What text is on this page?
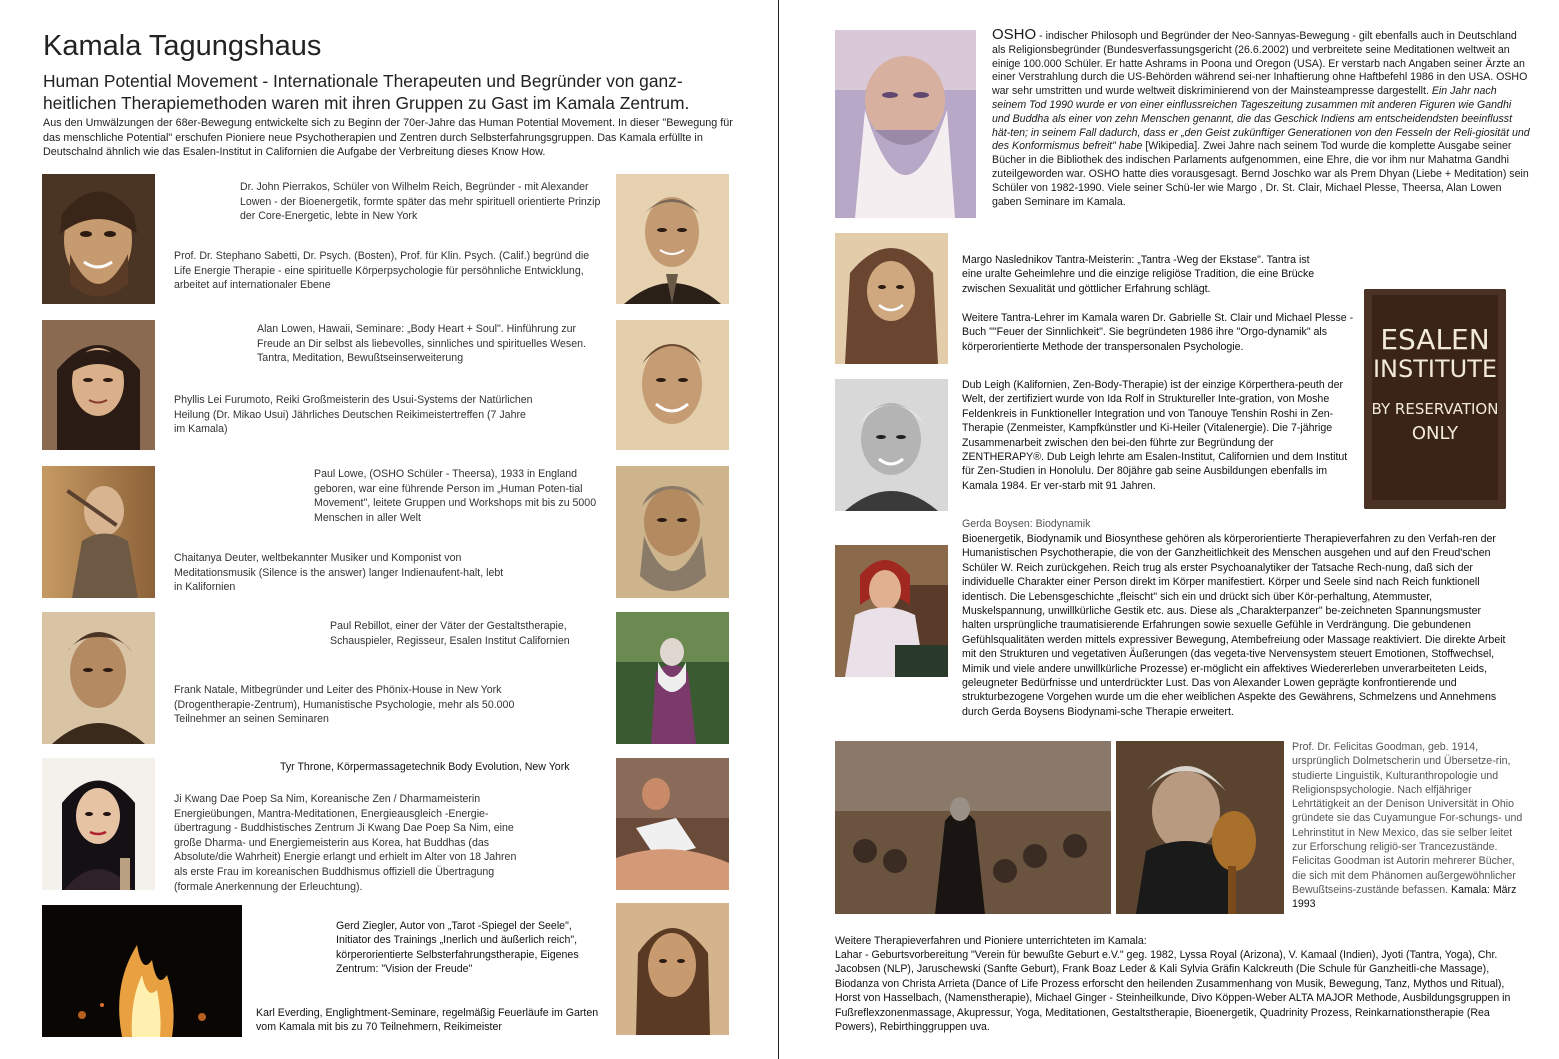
Kamala Tagungshaus
Human Potential Movement - Internationale Therapeuten und Begründer von ganz-heitlichen Therapiemethoden waren mit ihren Gruppen zu Gast im Kamala Zentrum.
Aus den Umwälzungen der 68er-Bewegung entwickelte sich zu Beginn der 70er-Jahre das Human Potential Movement. In dieser "Bewegung für das menschliche Potential" erschufen Pioniere neue Psychotherapien und Zentren durch Selbsterfahrungsgruppen. Das Kamala erfüllte in Deutschalnd ähnlich wie das Esalen-Institut in Californien die Aufgabe der Verbreitung dieses Know How.
Dr. John Pierrakos, Schüler von Wilhelm Reich, Begründer - mit Alexander Lowen - der Bioenergetik, formte später das mehr spirituell orientierte Prinzip der Core-Energetic, lebte in New York
Prof. Dr. Stephano Sabetti, Dr. Psych. (Bosten), Prof. für Klin. Psych. (Calif.) begründ die Life Energie Therapie - eine spirituelle Körperpsychologie für persöhnliche Entwicklung, arbeitet auf internationaler Ebene
Alan Lowen, Hawaii, Seminare: „Body Heart + Soul". Hinführung zur Freude an Dir selbst als liebevolles, sinnliches und spirituelles Wesen. Tantra, Meditation, Bewußtseinserweiterung
Phyllis Lei Furumoto, Reiki Großmeisterin des Usui-Systems der Natürlichen Heilung (Dr. Mikao Usui) Jährliches Deutschen Reikimeistertreffen (7 Jahre im Kamala)
Paul Lowe, (OSHO Schüler - Theersa), 1933 in England geboren, war eine führende Person im „Human Poten-tial Movement", leitete Gruppen und Workshops mit bis zu 5000 Menschen in aller Welt
Chaitanya Deuter, weltbekannter Musiker und Komponist von Meditationsmusik (Silence is the answer) langer Indienaufent-halt, lebt in Kalifornien
Paul Rebillot, einer der Väter der Gestaltstherapie, Schauspieler, Regisseur, Esalen Institut Californien
Frank Natale, Mitbegründer und Leiter des Phönix-House in New York (Drogentherapie-Zentrum), Humanistische Psychologie, mehr als 50.000 Teilnehmer an seinen Seminaren
Tyr Throne, Körpermassagetechnik Body Evolution, New York
Ji Kwang Dae Poep Sa Nim, Koreanische Zen / Dharmameisterin Energieübungen, Mantra-Meditationen, Energieausgleich -Energie-übertragung - Buddhistisches Zentrum Ji Kwang Dae Poep Sa Nim, eine große Dharma- und Energiemeisterin aus Korea, hat Buddhas (das Absolute/die Wahrheit) Energie erlangt und erhielt im Alter von 18 Jahren als erste Frau im koreanischen Buddhismus offiziell die Übertragung (formale Anerkennung der Erleuchtung).
Gerd Ziegler, Autor von „Tarot -Spiegel der Seele", Initiator des Trainings „Inerlich und äußerlich reich", körperorientierte Selbsterfahrungstherapie, Eigenes Zentrum: "Vision der Freude"
Karl Everding, Englightment-Seminare, regelmäßig Feuerläufe im Garten vom Kamala mit bis zu 70 Teilnehmern, Reikimeister

OSHO - indischer Philosoph und Begründer der Neo-Sannyas-Bewegung - gilt ebenfalls auch in Deutschland als Religionsbegründer (Bundesverfassungsgericht (26.6.2002) und verbreitete seine Meditationen weltweit an einige 100.000 Schüler. Er hatte Ashrams in Poona und Oregon (USA). Er verstarb nach Angaben seiner Ärzte an einer Verstrahlung durch die US-Behörden während sei-ner Inhaftierung ohne Haftbefehl 1986 in den USA. OSHO war sehr umstritten und wurde weltweit diskriminierend von der Mainsteampresse dargestellt. Ein Jahr nach seinem Tod 1990 wurde er von einer einflussreichen Tageszeitung zusammen mit anderen Figuren wie Gandhi und Buddha als einer von zehn Menschen genannt, die das Geschick Indiens am entscheidendsten beeinflusst hät-ten; in seinem Fall dadurch, dass er „den Geist zukünftiger Generationen von den Fesseln der Reli-giosität und des Konformismus befreit" habe [Wikipedia]. Zwei Jahre nach seinem Tod wurde die komplette Ausgabe seiner Bücher in die Bibliothek des indischen Parlaments aufgenommen, eine Ehre, die vor ihm nur Mahatma Gandhi zuteilgeworden war. OSHO hatte dies vorausgesagt. Bernd Joschko war als Prem Dhyan (Liebe + Meditation) sein Schüler von 1982-1990. Viele seiner Schü-ler wie Margo , Dr. St. Clair, Michael Plesse, Theersa, Alan Lowen gaben Seminare im Kamala.

Margo Naslednikov Tantra-Meisterin: „Tantra -Weg der Ekstase". Tantra ist eine uralte Geheimlehre und die einzige religiöse Tradition, die eine Brücke zwischen Sexualität und göttlicher Erfahrung schlägt.
Weitere Tantra-Lehrer im Kamala waren Dr. Gabrielle St. Clair und Michael Plesse - Buch ""Feuer der Sinnlichkeit". Sie begründeten 1986 ihre "Orgo-dynamik" als körperorientierte Methode der transpersonalen Psychologie.	ESALEN
INSTITUTE
BY RESERVATION
ONLY
Dub Leigh (Kalifornien, Zen-Body-Therapie) ist der einzige Körperthera-peuth der Welt, der zertifiziert wurde von Ida Rolf in Struktureller Inte-gration, von Moshe Feldenkreis in Funktioneller Integration und von Tanouye Tenshin Roshi in Zen-Therapie (Zenmeister, Kampfkünstler und Ki-Heiler (Vitalenergie). Die 7-jährige Zusammenarbeit zwischen den bei-den führte zur Begründung der ZENTHERAPY®. Dub Leigh lehrte am Esalen-Institut, Californien und dem Institut für Zen-Studien in Honolulu. Der 80jähre gab seine Ausbildungen ebenfalls im Kamala 1984. Er ver-starb mit 91 Jahren.
Gerda Boysen: Biodynamik
Bioenergetik, Biodynamik und Biosynthese gehören als körperorientierte Therapieverfahren zu den Verfah-ren der Humanistischen Psychotherapie, die von der Ganzheitlichkeit des Menschen ausgehen und auf den Freud'schen Schüler W. Reich zurückgehen. Reich trug als erster Psychoanalytiker der Tatsache Rech-nung, daß sich der individuelle Charakter einer Person direkt im Körper manifestiert. Körper und Seele sind nach Reich funktionell identisch. Die Lebensgeschichte „fleischt" sich ein und drückt sich über Kör-perhaltung, Atemmuster, Muskelspannung, unwillkürliche Gestik etc. aus. Diese als „Charakterpanzer" be-zeichneten Spannungsmuster halten ursprüngliche traumatisierende Erfahrungen sowie sexuelle Gefühle in Verdrängung. Die gebundenen Gefühlsqualitäten werden mittels expressiver Bewegung, Atembefreiung oder Massage reaktiviert. Die direkte Arbeit mit den Strukturen und vegetativen Äußerungen (das vegeta-tive Nervensystem steuert Emotionen, Stoffwechsel, Mimik und viele andere unwillkürliche Prozesse) er-möglicht ein affektives Wiedererleben unverarbeiteten Leids, geleugneter Bedürfnisse und unterdrückter Lust. Das von Alexander Lowen geprägte konfrontierende und strukturbezogene Vorgehen wurde um die eher weiblichen Aspekte des Gewährens, Schmelzens und Annehmens durch Gerda Boysens Biodynami-sche Therapie erweitert.
Prof. Dr. Felicitas Goodman, geb. 1914, ursprünglich Dolmetscherin und Übersetze-rin, studierte Linguistik, Kulturanthropologie und Religionspsychologie. Nach elfjähriger Lehrtätigkeit an der Denison Universität in Ohio gründete sie das Cuyamungue For-schungs- und Lehrinstitut in New Mexico, das sie selber leitet zur Erforschung religiö-ser Trancezustände. Felicitas Goodman ist Autorin mehrerer Bücher, die sich mit dem Phänomen außergewöhnlicher Bewußtseins-zustände befassen. Kamala: März 1993
Weitere Therapieverfahren und Pioniere unterrichteten im Kamala:
Lahar - Geburtsvorbereitung "Verein für bewußte Geburt e.V." geg. 1982, Lyssa Royal (Arizona), V. Kamaal (Indien), Jyoti (Tantra, Yoga), Chr. Jacobsen (NLP), Jaruschewski (Sanfte Geburt), Frank Boaz Leder & Kali Sylvia Gräfin Kalckreuth (Die Schule für Ganzheitli-che Massage), Biodanza von Christa Arrieta (Dance of Life Prozess erforscht den heilenden Zusammenhang von Musik, Bewegung, Tanz, Mythos und Ritual), Horst von Hasselbach, (Namenstherapie), Michael Ginger - Steinheilkunde, Divo Köppen-Weber ALTA MAJOR Methode, Ausbildungsgruppen in Fußreflexzonenmassage, Akupressur, Yoga, Meditationen, Gestaltstherapie, Bioenergetik, Quadrinity Prozess, Reinkarnationstherapie (Rea Powers), Rebirthinggruppen uva.
